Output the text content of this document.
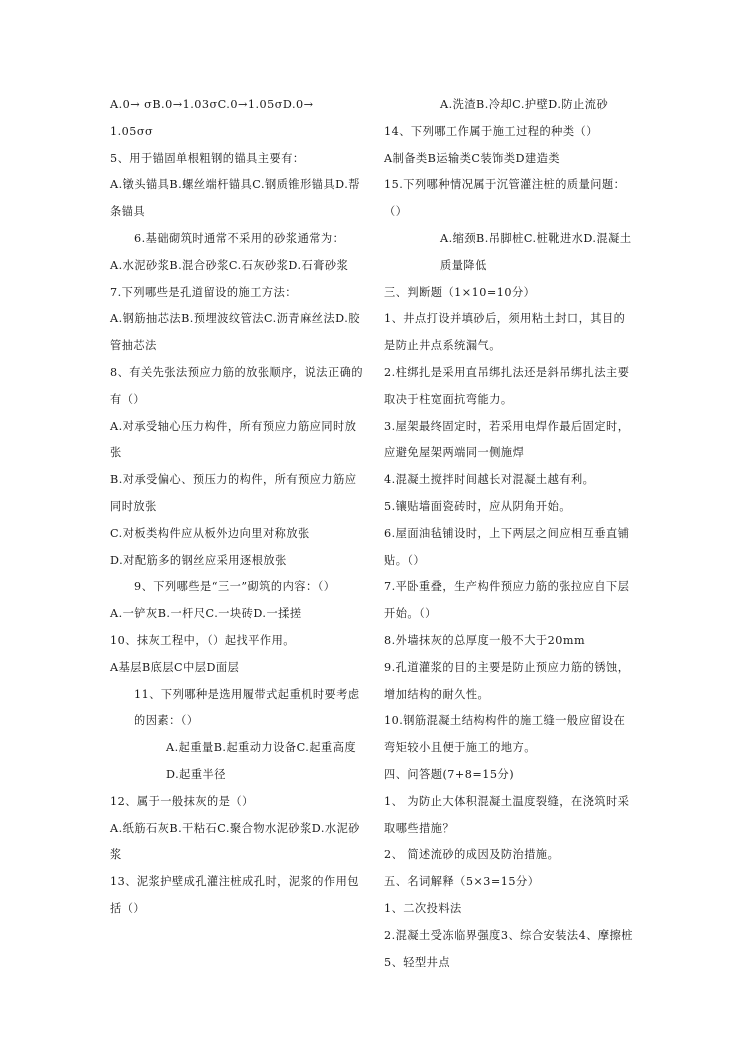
A.0→ σB.0→1.03σC.0→1.05σD.0→

1.05σσ

5、用于锚固单根粗钢的锚具主要有：

A.镦头锚具B.螺丝端杆锚具C.钢质锥形锚具D.帮条锚具

6.基础砌筑时通常不采用的砂浆通常为：

A.水泥砂浆B.混合砂浆C.石灰砂浆D.石膏砂浆

7.下列哪些是孔道留设的施工方法：

A.钢筋抽芯法B.预埋波纹管法C.沥青麻丝法D.胶管抽芯法

8、有关先张法预应力筋的放张顺序，说法正确的有（）

A.对承受轴心压力构件，所有预应力筋应同时放张

B.对承受偏心、预压力的构件，所有预应力筋应同时放张

C.对板类构件应从板外边向里对称放张

D.对配筋多的钢丝应采用逐根放张

9、下列哪些是“三一”砌筑的内容：（）

A.一铲灰B.一杆尺C.一块砖D.一揉搓

10、抹灰工程中，（）起找平作用。

A基层B底层C中层D面层

11、下列哪种是选用履带式起重机时要考虑的因素：（）

A.起重量B.起重动力设备C.起重高度D.起重半径

12、属于一般抹灰的是（）

A.纸筋石灰B.干粘石C.聚合物水泥砂浆D.水泥砂浆

13、泥浆护壁成孔灌注桩成孔时，泥浆的作用包括（）

A.洗渣B.冷却C.护壁D.防止流砂

14、下列哪工作属于施工过程的种类（）

A制备类B运输类C装饰类D建造类

15.下列哪种情况属于沉管灌注桩的质量问题：（）

A.缩颈B.吊脚桩C.桩靴进水D.混凝土质量降低

三、判断题（1×10=10分）

1、井点打设并填砂后，须用粘土封口，其目的是防止井点系统漏气。

2.柱绑扎是采用直吊绑扎法还是斜吊绑扎法主要取决于柱宽面抗弯能力。

3.屋架最终固定时，若采用电焊作最后固定时，应避免屋架两端同一侧施焊

4.混凝土搅拌时间越长对混凝土越有利。

5.镶贴墙面瓷砖时，应从阴角开始。

6.屋面油毡铺设时，上下两层之间应相互垂直铺贴。（）

7.平卧重叠，生产构件预应力筋的张拉应自下层开始。（）

8.外墙抹灰的总厚度一般不大于20mm

9.孔道灌浆的目的主要是防止预应力筋的锈蚀，增加结构的耐久性。

10.钢筋混凝土结构构件的施工缝一般应留设在弯矩较小且便于施工的地方。

四、问答题(7+8=15分)

1、 为防止大体积混凝土温度裂缝，在浇筑时采取哪些措施？

2、 简述流砂的成因及防治措施。

五、名词解释（5×3=15分）

1、二次投料法

2.混凝土受冻临界强度3、综合安装法4、摩擦桩5、轻型井点
